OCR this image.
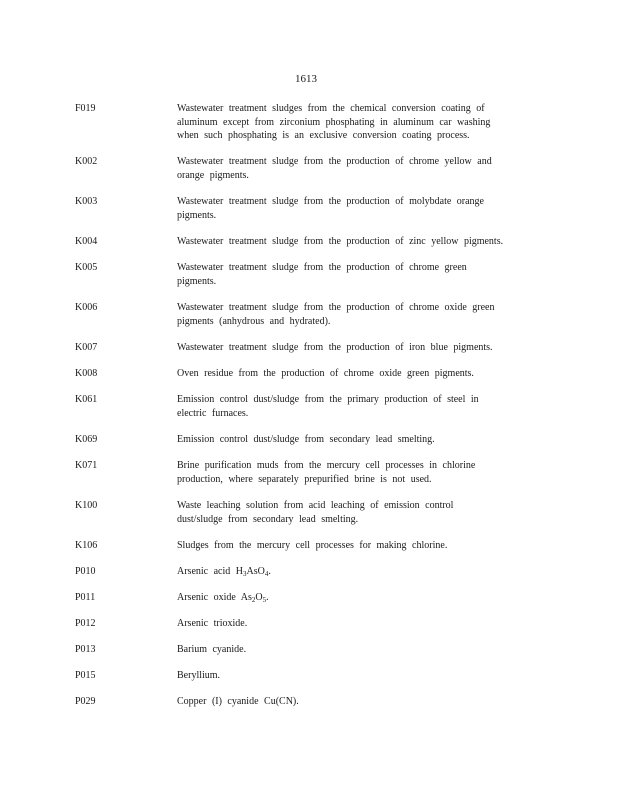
1613
F019	Wastewater treatment sludges from the chemical conversion coating of
aluminum except from zirconium phosphating in aluminum car washing
when such phosphating is an exclusive conversion coating process.
K002	Wastewater treatment sludge from the production of chrome yellow and
orange pigments.
K003	Wastewater treatment sludge from the production of molybdate orange
pigments.
K004	Wastewater treatment sludge from the production of zinc yellow pigments.
K005	Wastewater treatment sludge from the production of chrome green
pigments.
K006	Wastewater treatment sludge from the production of chrome oxide green
pigments (anhydrous and hydrated).
K007	Wastewater treatment sludge from the production of iron blue pigments.
K008	Oven residue from the production of chrome oxide green pigments.
K061	Emission control dust/sludge from the primary production of steel in
electric furnaces.
K069	Emission control dust/sludge from secondary lead smelting.
K071	Brine purification muds from the mercury cell processes in chlorine
production, where separately prepurified brine is not used.
K100	Waste leaching solution from acid leaching of emission control
dust/sludge from secondary lead smelting.
K106	Sludges from the mercury cell processes for making chlorine.
P010	Arsenic acid $H_3AsO_4$.
P011	Arsenic oxide $As_2O_5$.
P012	Arsenic trioxide.
P013	Barium cyanide.
P015	Beryllium.
P029	Copper (I) cyanide Cu(CN).
